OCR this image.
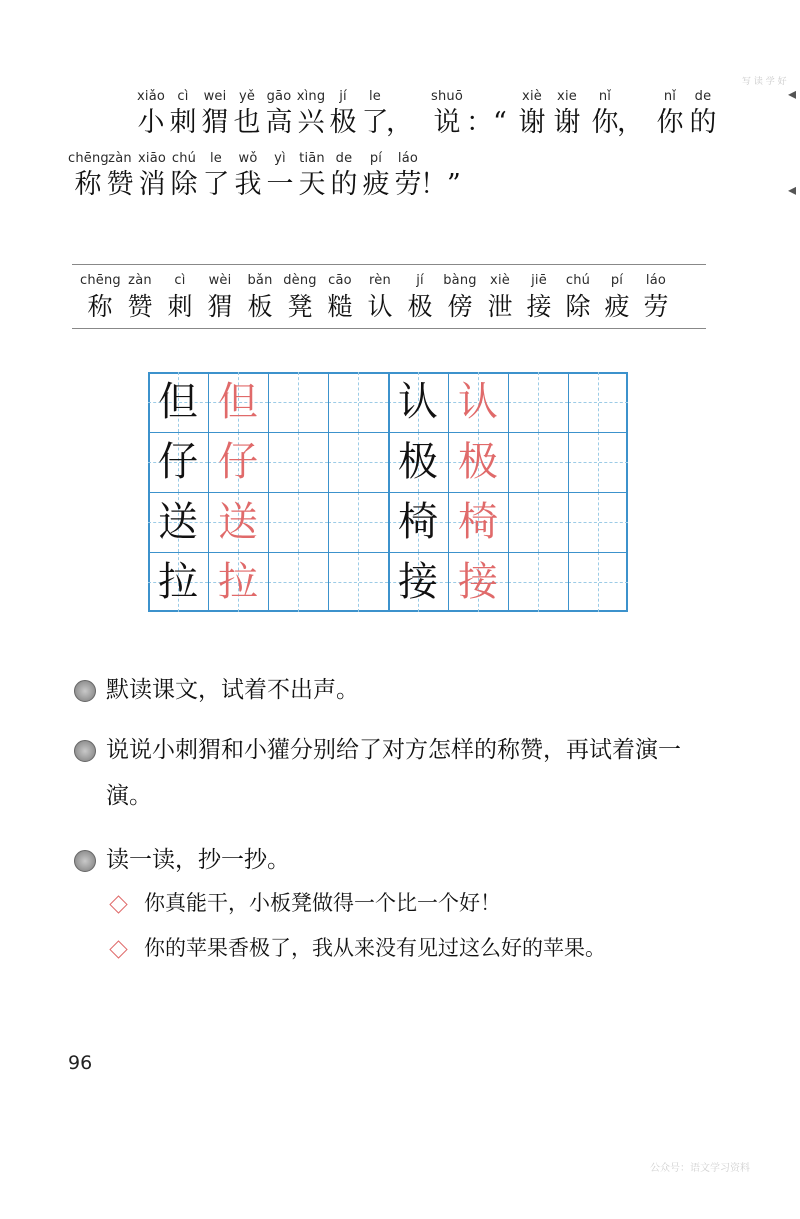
xiǎo
小
cì
刺
wei
猬
yě
也
gāo
高
xìng
兴
jí
极
le
了
，
shuō
说 ：“
xiè
谢
xie
谢
nǐ
你
，
nǐ
你
de
的
chēng
称
zàn
赞
xiāo
消
chú
除
le
了
wǒ
我
yì
一
tiān
天
de
的
pí
疲
láo
劳
！”
chēng
称
zàn
赞
cì
刺
wèi
猬
bǎn
板
dèng
凳
cāo
糙
rèn
认
jí
极
bàng
傍
xiè
泄
jiē
接
chú
除
pí
疲
láo
劳
但 但
仔 仔
送 送
拉 拉
认 认
极 极
椅 椅
接 接
默读课文，试着不出声。
说说小刺猬和小獾分别给了对方怎样的称赞，再试着演一演。
读一读，抄一抄。
你真能干，小板凳做得一个比一个好！
你的苹果香极了，我从来没有见过这么好的苹果。
96
写 读 学 好
公众号：语文学习资料
◂
◂
